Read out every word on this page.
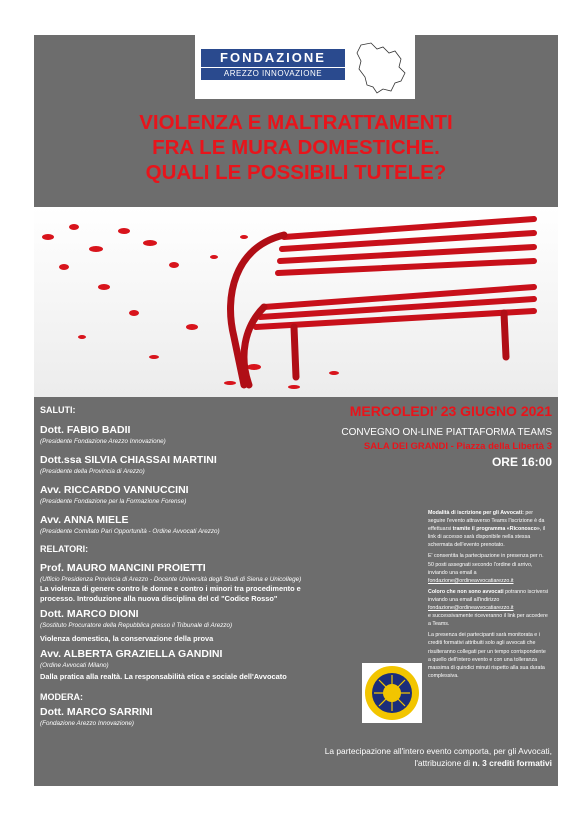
FONDAZIONE
AREZZO INNOVAZIONE
VIOLENZA E MALTRATTAMENTI
FRA LE MURA DOMESTICHE.
QUALI LE POSSIBILI TUTELE?
SALUTI:
Dott. FABIO BADII
(Presidente Fondazione Arezzo Innovazione)
Dott.ssa SILVIA CHIASSAI MARTINI
(Presidente della Provincia di Arezzo)
Avv. RICCARDO VANNUCCINI
(Presidente Fondazione per la Formazione Forense)
Avv. ANNA MIELE
(Presidente Comitato Pari Opportunità - Ordine Avvocati Arezzo)
RELATORI:
Prof. MAURO MANCINI PROIETTI
(Ufficio Presidenza Provincia di Arezzo - Docente Università degli Studi di Siena e Unicollege)
La violenza di genere contro le donne e contro i minori tra procedimento e
processo. Introduzione alla nuova disciplina del cd "Codice Rosso"
Dott. MARCO DIONI
(Sostituto Procuratore della Repubblica presso il Tribunale di Arezzo)
Violenza domestica, la conservazione della prova
Avv. ALBERTA GRAZIELLA GANDINI
(Ordine Avvocati Milano)
Dalla pratica alla realtà. La responsabilità etica e sociale dell'Avvocato
MODERA:
Dott. MARCO SARRINI
(Fondazione Arezzo Innovazione)
MERCOLEDI’ 23 GIUGNO 2021
CONVEGNO ON-LINE PIATTAFORMA TEAMS
SALA DEI GRANDI - Piazza della Libertà 3
ORE 16:00

Modalità di iscrizione per gli Avvocati: per seguire l'evento attraverso Teams l'iscrizione è da effettuarsi tramite il programma «Riconosco», il link di accesso sarà disponibile nella stessa schermata dell'evento prenotato.

E' consentita la partecipazione in presenza per n. 50 posti assegnati secondo l'ordine di arrivo, inviando una email a
fondazione@ordineavvocatiarezzo.it

Coloro che non sono avvocati potranno iscriversi inviando una email all'indirizzo
fondazione@ordineavvocatiarezzo.it
e successivamente riceveranno il link per accedere a Teams.

La presenza dei partecipanti sarà monitorata e i crediti formativi attribuiti solo agli avvocati che risulteranno collegati per un tempo corrispondente a quello dell'intero evento e con una tolleranza massima di quindici minuti rispetto alla sua durata complessiva.

La partecipazione all'intero evento comporta, per gli Avvocati,
l'attribuzione di n. 3 crediti formativi
